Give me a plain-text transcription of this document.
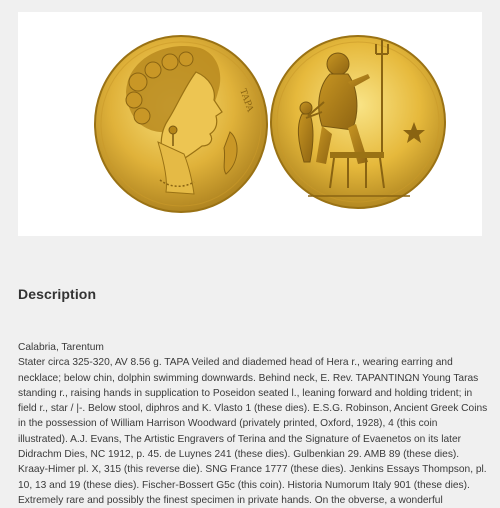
TAPA
Description

Calabria, Tarentum

Stater circa 325-320, AV 8.56 g. TAPA Veiled and diademed head of Hera r., wearing earring and necklace; below chin, dolphin swimming downwards. Behind neck, E. Rev. TAPANTINΩN Young Taras standing r., raising hands in supplication to Poseidon seated l., leaning forward and holding trident; in field r., star / |-. Below stool, diphros and K. Vlasto 1 (these dies). E.S.G. Robinson, Ancient Greek Coins in the possession of William Harrison Woodward (privately printed, Oxford, 1928), 4 (this coin illustrated). A.J. Evans, The Artistic Engravers of Terina and the Signature of Evaenetos on its later Didrachm Dies, NC 1912, p. 45. de Luynes 241 (these dies). Gulbenkian 29. AMB 89 (these dies). Kraay-Himer pl. X, 315 (this reverse die). SNG France 1777 (these dies). Jenkins Essays Thompson, pl. 10, 13 and 19 (these dies). Fischer-Bossert G5c (this coin). Historia Numorum Italy 901 (these dies).

Extremely rare and possibly the finest specimen in private hands. On the obverse, a wonderful
